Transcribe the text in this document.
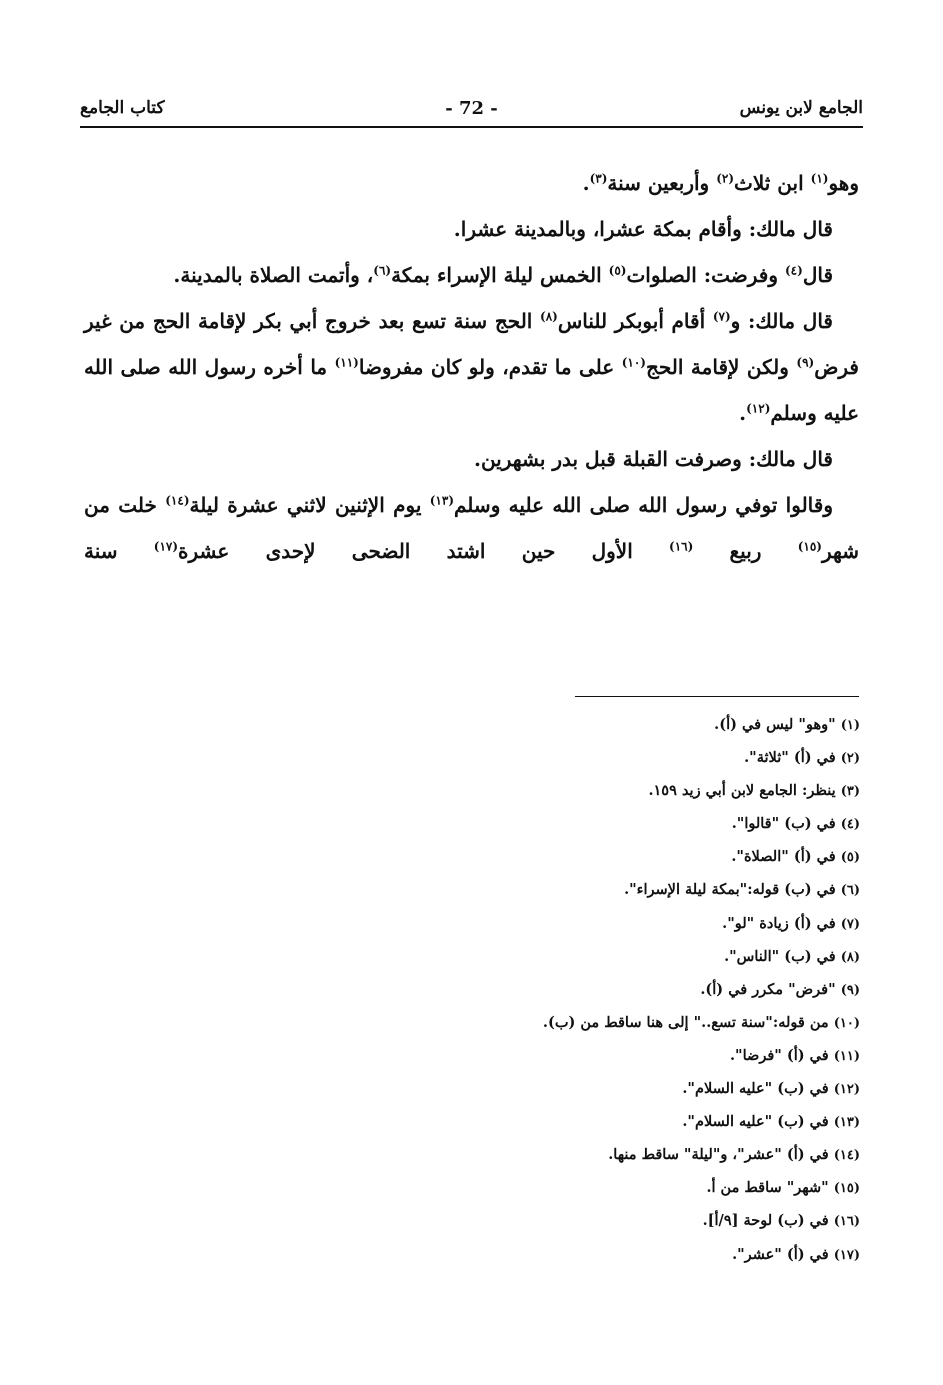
الجامع لابن يونس
- 72 -
كتاب الجامع

وهو$^{(١)}$ ابن ثلاث$^{(٢)}$ وأربعين سنة$^{(٣)}$.

قال مالك: وأقام بمكة عشرا، وبالمدينة عشرا.

قال$^{(٤)}$ وفرضت: الصلوات$^{(٥)}$ الخمس ليلة الإسراء بمكة$^{(٦)}$، وأتمت الصلاة بالمدينة.

قال مالك: و$^{(٧)}$ أقام أبوبكر للناس$^{(٨)}$ الحج سنة تسع بعد خروج أبي بكر لإقامة الحج من غير فرض$^{(٩)}$ ولكن لإقامة الحج$^{(١٠)}$ على ما تقدم، ولو كان مفروضا$^{(١١)}$ ما أخره رسول الله صلى الله عليه وسلم$^{(١٢)}$.

قال مالك: وصرفت القبلة قبل بدر بشهرين.

وقالوا توفي رسول الله صلى الله عليه وسلم$^{(١٣)}$ يوم الإثنين لاثني عشرة ليلة$^{(١٤)}$ خلت من شهر$^{(١٥)}$ ربيع $^{(١٦)}$ الأول حين اشتد الضحى لإحدى عشرة$^{(١٧)}$ سنة

(١) "وهو" ليس في (أ).
(٢) في (أ) "ثلاثة".
(٣) ينظر: الجامع لابن أبي زيد ١٥٩.
(٤) في (ب) "قالوا".
(٥) في (أ) "الصلاة".
(٦) في (ب) قوله:"بمكة ليلة الإسراء".
(٧) في (أ) زيادة "لو".
(٨) في (ب) "الناس".
(٩) "فرض" مكرر في (أ).
(١٠) من قوله:"سنة تسع.." إلى هنا ساقط من (ب).
(١١) في (أ) "فرضا".
(١٢) في (ب) "عليه السلام".
(١٣) في (ب) "عليه السلام".
(١٤) في (أ) "عشر"، و"ليلة" ساقط منها.
(١٥) "شهر" ساقط من أ.
(١٦) في (ب) لوحة [٩/أ].
(١٧) في (أ) "عشر".
